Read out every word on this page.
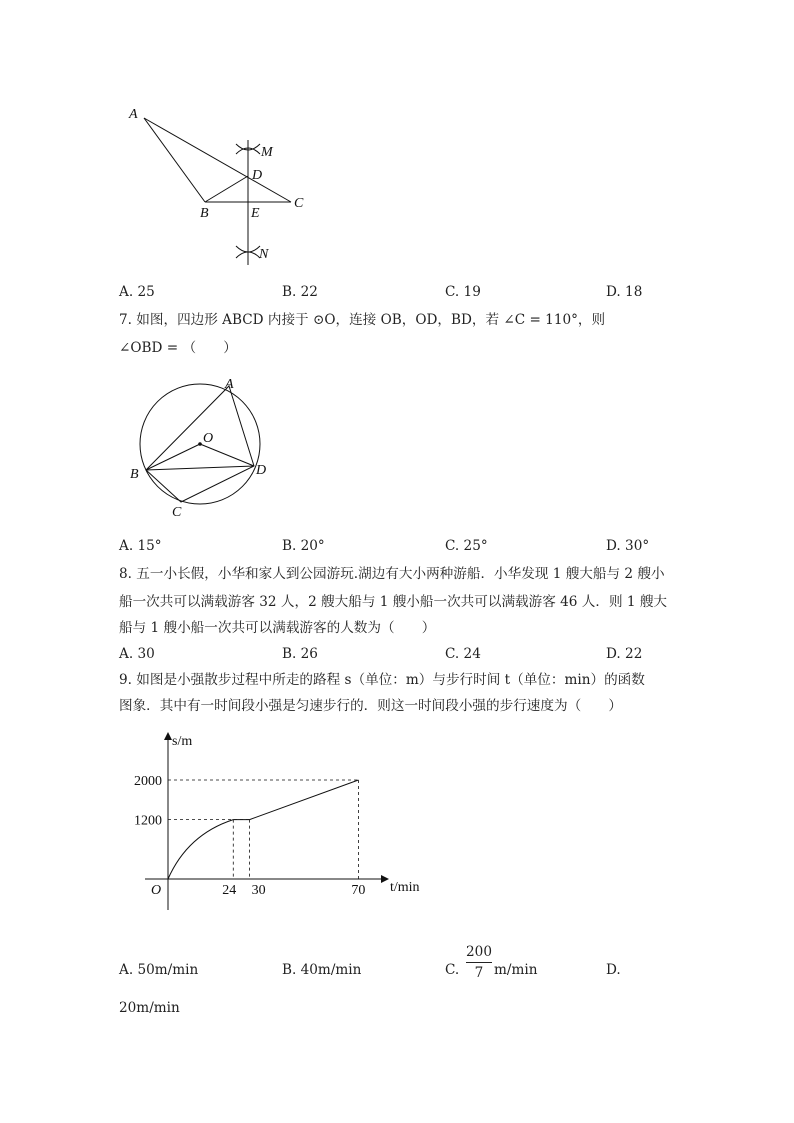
A
B
C
D
E
M
N
A. 25	B. 22	C. 19	D. 18
7. 如图，四边形 ABCD 内接于 ⊙O，连接 OB，OD，BD，若 ∠C = 110°，则
∠OBD = （　　）
A
B
C
D
O
A. 15°	B. 20°	C. 25°	D. 30°
8. 五一小长假，小华和家人到公园游玩.湖边有大小两种游船．小华发现 1 艘大船与 2 艘小
船一次共可以满载游客 32 人，2 艘大船与 1 艘小船一次共可以满载游客 46 人．则 1 艘大
船与 1 艘小船一次共可以满载游客的人数为（　　）
A. 30	B. 26	C. 24	D. 22
9. 如图是小强散步过程中所走的路程 s（单位：m）与步行时间 t（单位：min）的函数
图象．其中有一时间段小强是匀速步行的．则这一时间段小强的步行速度为（　　）
O	t/min
s/m
24 30	70
1200
2000
A. 50m/min	B. 40m/min	C.
200
7 m/min	D.
20m/min
